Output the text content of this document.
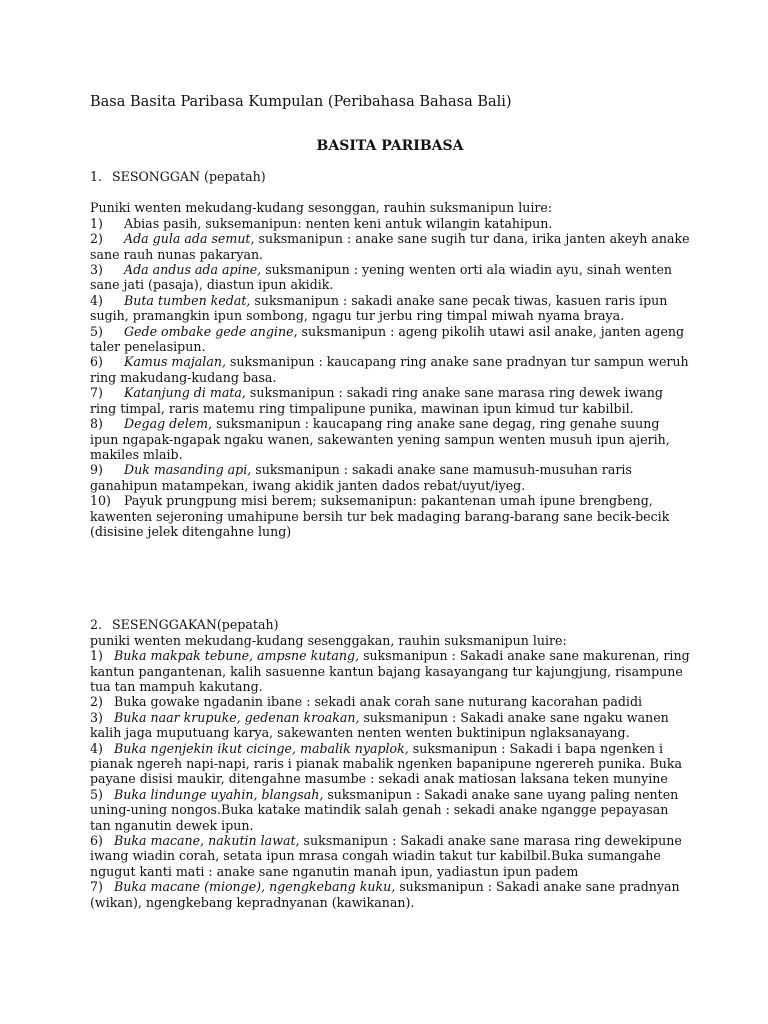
Basa Basita Paribasa Kumpulan (Peribahasa Bahasa Bali)
BASITA PARIBASA

1. SESONGGAN (pepatah)

Puniki wenten mekudang-kudang sesonggan, rauhin suksmanipun luire:

1) Abias pasih, suksemanipun: nenten keni antuk wilangin katahipun.

2) Ada gula ada semut, suksmanipun : anake sane sugih tur dana, irika janten akeyh anake sane rauh nunas pakaryan.

3) Ada andus ada apine, suksmanipun : yening wenten orti ala wiadin ayu, sinah wenten sane jati (pasaja), diastun ipun akidik.

4) Buta tumben kedat, suksmanipun : sakadi anake sane pecak tiwas, kasuen raris ipun sugih, pramangkin ipun sombong, ngagu tur jerbu ring timpal miwah nyama braya.

5) Gede ombake gede angine, suksmanipun : ageng pikolih utawi asil anake, janten ageng taler penelasipun.

6) Kamus majalan, suksmanipun : kaucapang ring anake sane pradnyan tur sampun weruh ring makudang-kudang basa.

7) Katanjung di mata, suksmanipun : sakadi ring anake sane marasa ring dewek iwang ring timpal, raris matemu ring timpalipune punika, mawinan ipun kimud tur kabilbil.

8) Degag delem, suksmanipun : kaucapang ring anake sane degag, ring genahe suung ipun ngapak-ngapak ngaku wanen, sakewanten yening sampun wenten musuh ipun ajerih, makiles mlaib.

9) Duk masanding api, suksmanipun : sakadi anake sane mamusuh-musuhan raris ganahipun matampekan, iwang akidik janten dados rebat/uyut/iyeg.

10) Payuk prungpung misi berem; suksemanipun: pakantenan umah ipune brengbeng, kawenten sejeroning umahipune bersih tur bek madaging barang-barang sane becik-becik (disisine jelek ditengahne lung)

2. SESENGGAKAN(pepatah)

puniki wenten mekudang-kudang sesenggakan, rauhin suksmanipun luire:

1) Buka makpak tebune, ampsne kutang, suksmanipun : Sakadi anake sane makurenan, ring kantun pangantenan, kalih sasuenne kantun bajang kasayangang tur kajungjung, risampune tua tan mampuh kakutang.

2) Buka gowake ngadanin ibane : sekadi anak corah sane nuturang kacorahan padidi

3) Buka naar krupuke, gedenan kroakan, suksmanipun : Sakadi anake sane ngaku wanen kalih jaga muputuang karya, sakewanten nenten wenten buktinipun nglaksanayang.

4) Buka ngenjekin ikut cicinge, mabalik nyaplok, suksmanipun : Sakadi i bapa ngenken i pianak ngereh napi-napi, raris i pianak mabalik ngenken bapanipune ngerereh punika. Buka payane disisi maukir, ditengahne masumbe : sekadi anak matiosan laksana teken munyine

5) Buka lindunge uyahin, blangsah, suksmanipun : Sakadi anake sane uyang paling nenten uning-uning nongos.Buka katake matindik salah genah : sekadi anake ngangge pepayasan tan nganutin dewek ipun.

6) Buka macane, nakutin lawat, suksmanipun : Sakadi anake sane marasa ring dewekipune iwang wiadin corah, setata ipun mrasa congah wiadin takut tur kabilbil.Buka sumangahe ngugut kanti mati : anake sane nganutin manah ipun, yadiastun ipun padem

7) Buka macane (mionge), ngengkebang kuku, suksmanipun : Sakadi anake sane pradnyan (wikan), ngengkebang kepradnyanan (kawikanan).
